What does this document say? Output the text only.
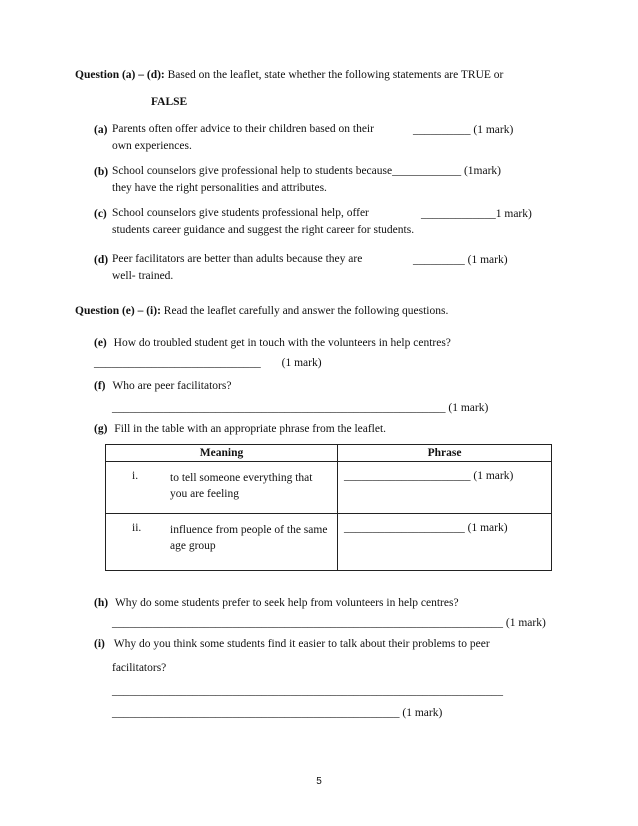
Question (a) – (d): Based on the leaflet, state whether the following statements are TRUE or
FALSE
(a) Parents often offer advice to their children based on their
own experiences.
__________ (1 mark)
(b) School counselors give professional help to students because____________ (1mark)
they have the right personalities and attributes.
(c) School counselors give students professional help, offer
students career guidance and suggest the right career for students.
_____________1 mark)
(d) Peer facilitators are better than adults because they are
well- trained.
_________ (1 mark)
Question (e) – (i): Read the leaflet carefully and answer the following questions.
(e) How do troubled student get in touch with the volunteers in help centres?
_____________________________ (1 mark)
(f) Who are peer facilitators?
__________________________________________________________ (1 mark)
(g) Fill in the table with an appropriate phrase from the leaflet.
Meaning	Phrase

i. to tell someone everything that you are feeling	______________________ (1 mark)

ii. influence from people of the same age group	_____________________ (1 mark)
(h) Why do some students prefer to seek help from volunteers in help centres?
____________________________________________________________________ (1 mark)
(i) Why do you think some students find it easier to talk about their problems to peer
facilitators?
____________________________________________________________________
__________________________________________________ (1 mark)
5
